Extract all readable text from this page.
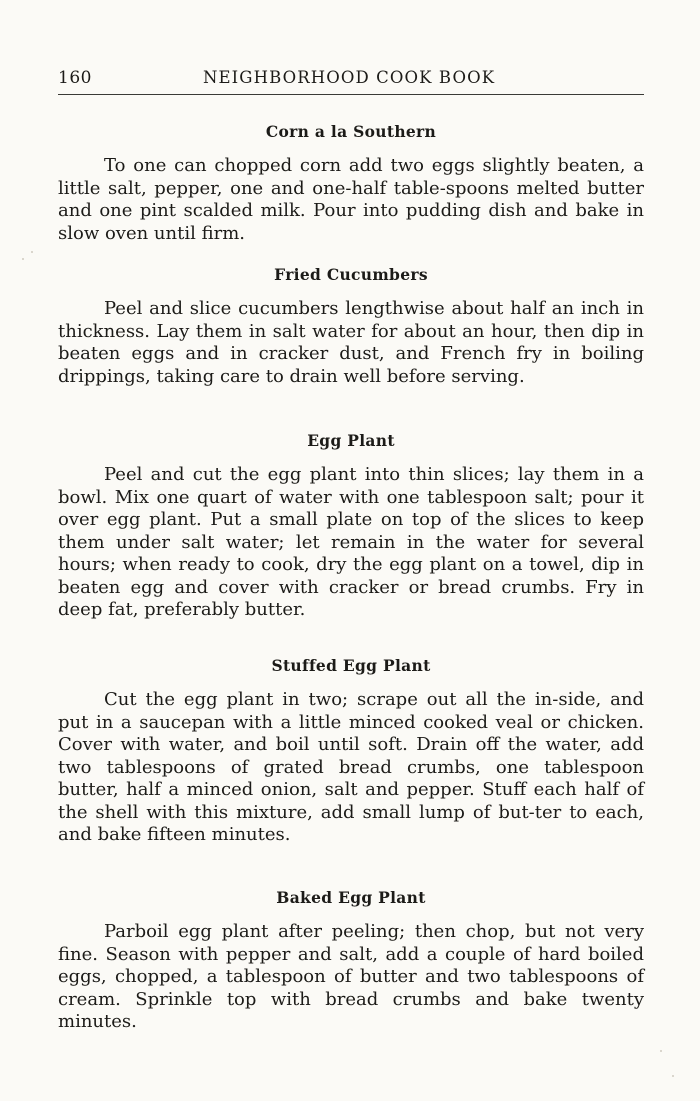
160	NEIGHBORHOOD COOK BOOK
Corn a la Southern

To one can chopped corn add two eggs slightly beaten, a little salt, pepper, one and one-half table-spoons melted butter and one pint scalded milk. Pour into pudding dish and bake in slow oven until firm.

Fried Cucumbers

Peel and slice cucumbers lengthwise about half an inch in thickness. Lay them in salt water for about an hour, then dip in beaten eggs and in cracker dust, and French fry in boiling drippings, taking care to drain well before serving.

Egg Plant

Peel and cut the egg plant into thin slices; lay them in a bowl. Mix one quart of water with one tablespoon salt; pour it over egg plant. Put a small plate on top of the slices to keep them under salt water; let remain in the water for several hours; when ready to cook, dry the egg plant on a towel, dip in beaten egg and cover with cracker or bread crumbs. Fry in deep fat, preferably butter.

Stuffed Egg Plant

Cut the egg plant in two; scrape out all the in-side, and put in a saucepan with a little minced cooked veal or chicken. Cover with water, and boil until soft. Drain off the water, add two tablespoons of grated bread crumbs, one tablespoon butter, half a minced onion, salt and pepper. Stuff each half of the shell with this mixture, add small lump of but-ter to each, and bake fifteen minutes.

Baked Egg Plant

Parboil egg plant after peeling; then chop, but not very fine. Season with pepper and salt, add a couple of hard boiled eggs, chopped, a tablespoon of butter and two tablespoons of cream. Sprinkle top with bread crumbs and bake twenty minutes.
